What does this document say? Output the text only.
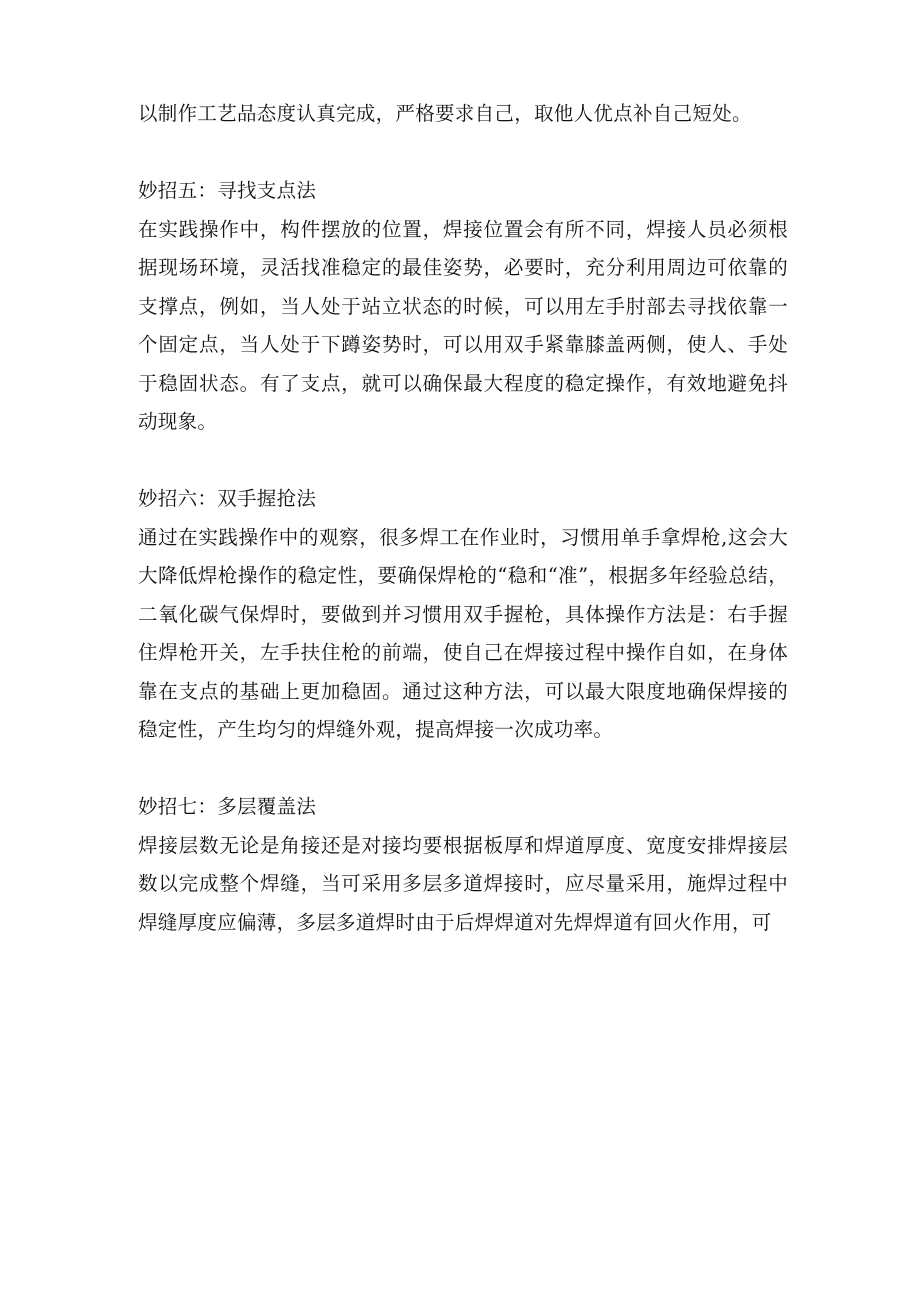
以制作工艺品态度认真完成，严格要求自己，取他人优点补自己短处。

妙招五：寻找支点法

在实践操作中，构件摆放的位置，焊接位置会有所不同，焊接人员必须根据现场环境，灵活找准稳定的最佳姿势，必要时，充分利用周边可依靠的支撑点，例如，当人处于站立状态的时候，可以用左手肘部去寻找依靠一个固定点，当人处于下蹲姿势时，可以用双手紧靠膝盖两侧，使人、手处于稳固状态。有了支点，就可以确保最大程度的稳定操作，有效地避免抖动现象。

妙招六：双手握抢法

通过在实践操作中的观察，很多焊工在作业时，习惯用单手拿焊枪,这会大大降低焊枪操作的稳定性，要确保焊枪的“稳和“准”，根据多年经验总结，二氧化碳气保焊时，要做到并习惯用双手握枪，具体操作方法是：右手握住焊枪开关，左手扶住枪的前端，使自己在焊接过程中操作自如，在身体靠在支点的基础上更加稳固。通过这种方法，可以最大限度地确保焊接的稳定性，产生均匀的焊缝外观，提高焊接一次成功率。

妙招七：多层覆盖法

焊接层数无论是角接还是对接均要根据板厚和焊道厚度、宽度安排焊接层数以完成整个焊缝，当可采用多层多道焊接时，应尽量采用，施焊过程中焊缝厚度应偏薄，多层多道焊时由于后焊焊道对先焊焊道有回火作用，可
